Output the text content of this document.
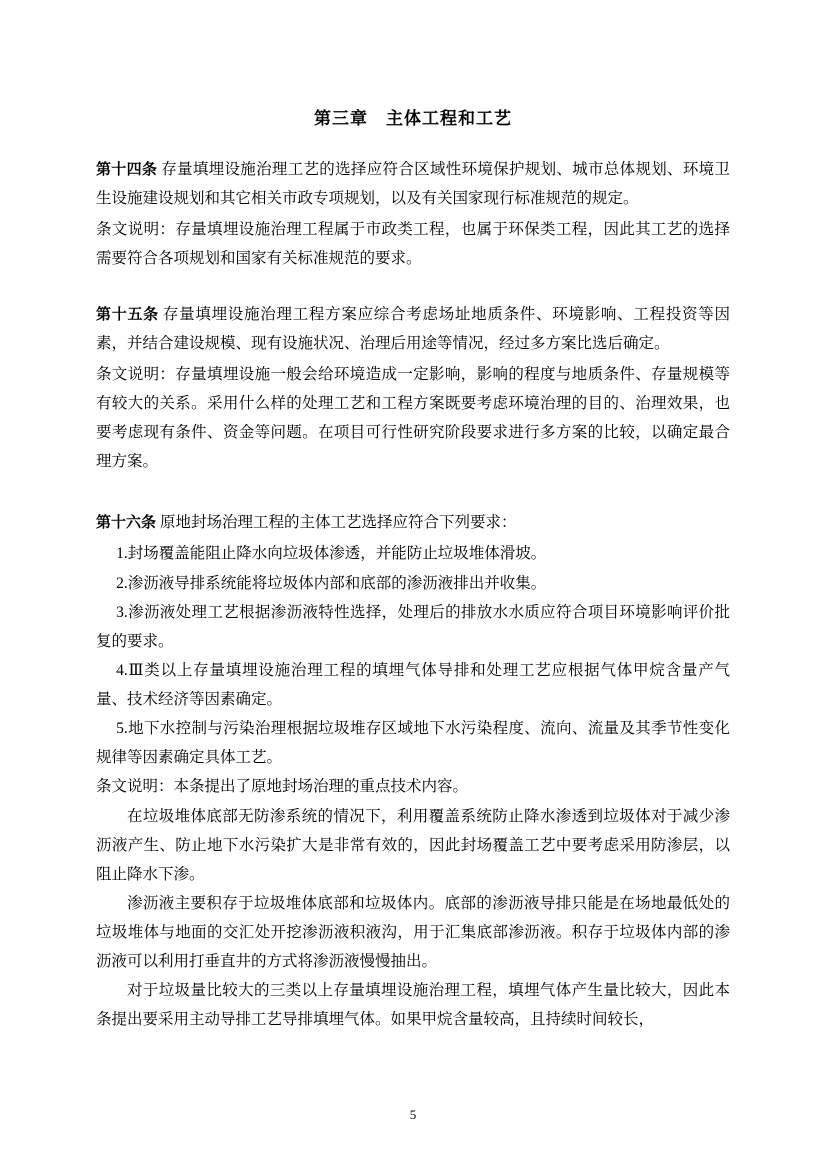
第三章　主体工程和工艺

第十四条 存量填埋设施治理工艺的选择应符合区域性环境保护规划、城市总体规划、环境卫生设施建设规划和其它相关市政专项规划，以及有关国家现行标准规范的规定。

条文说明：存量填埋设施治理工程属于市政类工程，也属于环保类工程，因此其工艺的选择需要符合各项规划和国家有关标准规范的要求。

第十五条 存量填埋设施治理工程方案应综合考虑场址地质条件、环境影响、工程投资等因素，并结合建设规模、现有设施状况、治理后用途等情况，经过多方案比选后确定。

条文说明：存量填埋设施一般会给环境造成一定影响，影响的程度与地质条件、存量规模等有较大的关系。采用什么样的处理工艺和工程方案既要考虑环境治理的目的、治理效果，也要考虑现有条件、资金等问题。在项目可行性研究阶段要求进行多方案的比较，以确定最合理方案。

第十六条 原地封场治理工程的主体工艺选择应符合下列要求：

1.封场覆盖能阻止降水向垃圾体渗透，并能防止垃圾堆体滑坡。

2.渗沥液导排系统能将垃圾体内部和底部的渗沥液排出并收集。

3.渗沥液处理工艺根据渗沥液特性选择，处理后的排放水水质应符合项目环境影响评价批复的要求。

4.Ⅲ类以上存量填埋设施治理工程的填埋气体导排和处理工艺应根据气体甲烷含量产气量、技术经济等因素确定。

5.地下水控制与污染治理根据垃圾堆存区域地下水污染程度、流向、流量及其季节性变化规律等因素确定具体工艺。

条文说明：本条提出了原地封场治理的重点技术内容。

在垃圾堆体底部无防渗系统的情况下，利用覆盖系统防止降水渗透到垃圾体对于减少渗沥液产生、防止地下水污染扩大是非常有效的，因此封场覆盖工艺中要考虑采用防渗层，以阻止降水下渗。

渗沥液主要积存于垃圾堆体底部和垃圾体内。底部的渗沥液导排只能是在场地最低处的垃圾堆体与地面的交汇处开挖渗沥液积液沟，用于汇集底部渗沥液。积存于垃圾体内部的渗沥液可以利用打垂直井的方式将渗沥液慢慢抽出。

对于垃圾量比较大的三类以上存量填埋设施治理工程，填埋气体产生量比较大，因此本条提出要采用主动导排工艺导排填埋气体。如果甲烷含量较高，且持续时间较长，

5
